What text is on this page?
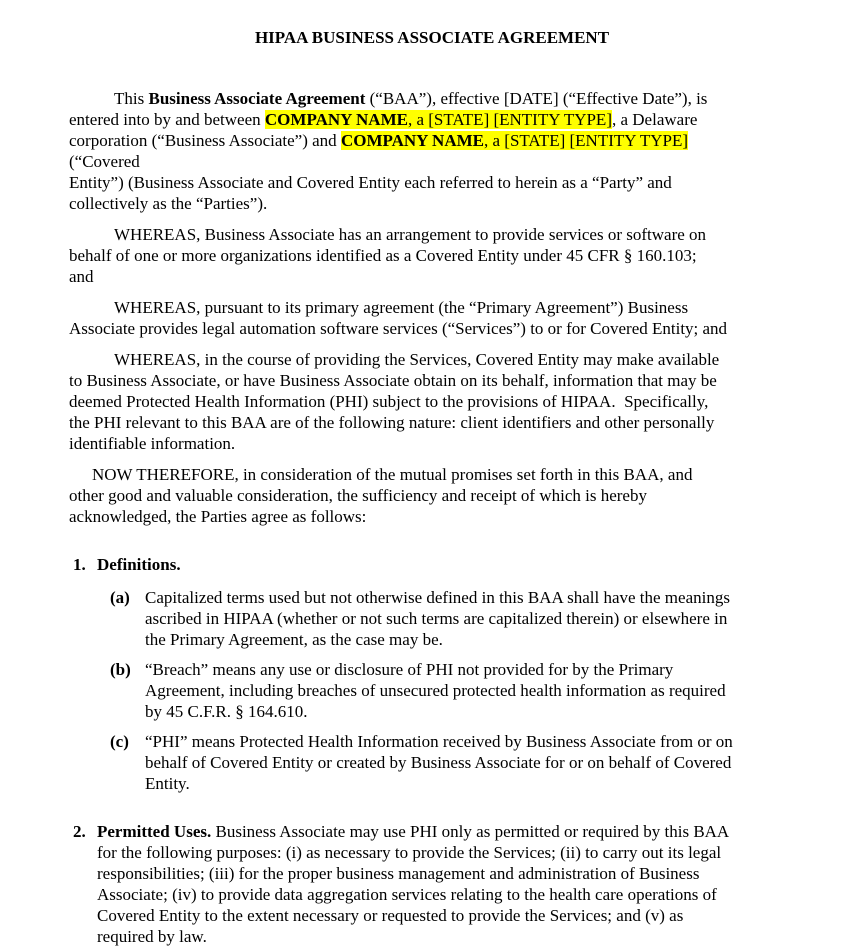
HIPAA BUSINESS ASSOCIATE AGREEMENT
This Business Associate Agreement (“BAA”), effective [DATE] (“Effective Date”), is
entered into by and between COMPANY NAME, a [STATE] [ENTITY TYPE], a Delaware
corporation (“Business Associate”) and COMPANY NAME, a [STATE] [ENTITY TYPE]
(“Covered
Entity”) (Business Associate and Covered Entity each referred to herein as a “Party” and
collectively as the “Parties”).
WHEREAS, Business Associate has an arrangement to provide services or software on
behalf of one or more organizations identified as a Covered Entity under 45 CFR § 160.103;
and
WHEREAS, pursuant to its primary agreement (the “Primary Agreement”) Business
Associate provides legal automation software services (“Services”) to or for Covered Entity; and
WHEREAS, in the course of providing the Services, Covered Entity may make available
to Business Associate, or have Business Associate obtain on its behalf, information that may be
deemed Protected Health Information (PHI) subject to the provisions of HIPAA.  Specifically,
the PHI relevant to this BAA are of the following nature: client identifiers and other personally
identifiable information.
NOW THEREFORE, in consideration of the mutual promises set forth in this BAA, and
other good and valuable consideration, the sufficiency and receipt of which is hereby
acknowledged, the Parties agree as follows:
1. Definitions.
(a) Capitalized terms used but not otherwise defined in this BAA shall have the meanings
ascribed in HIPAA (whether or not such terms are capitalized therein) or elsewhere in
the Primary Agreement, as the case may be.
(b) “Breach” means any use or disclosure of PHI not provided for by the Primary
Agreement, including breaches of unsecured protected health information as required
by 45 C.F.R. § 164.610.
(c) “PHI” means Protected Health Information received by Business Associate from or on
behalf of Covered Entity or created by Business Associate for or on behalf of Covered
Entity.
2. Permitted Uses. Business Associate may use PHI only as permitted or required by this BAA
for the following purposes: (i) as necessary to provide the Services; (ii) to carry out its legal
responsibilities; (iii) for the proper business management and administration of Business
Associate; (iv) to provide data aggregation services relating to the health care operations of
Covered Entity to the extent necessary or requested to provide the Services; and (v) as
required by law.
